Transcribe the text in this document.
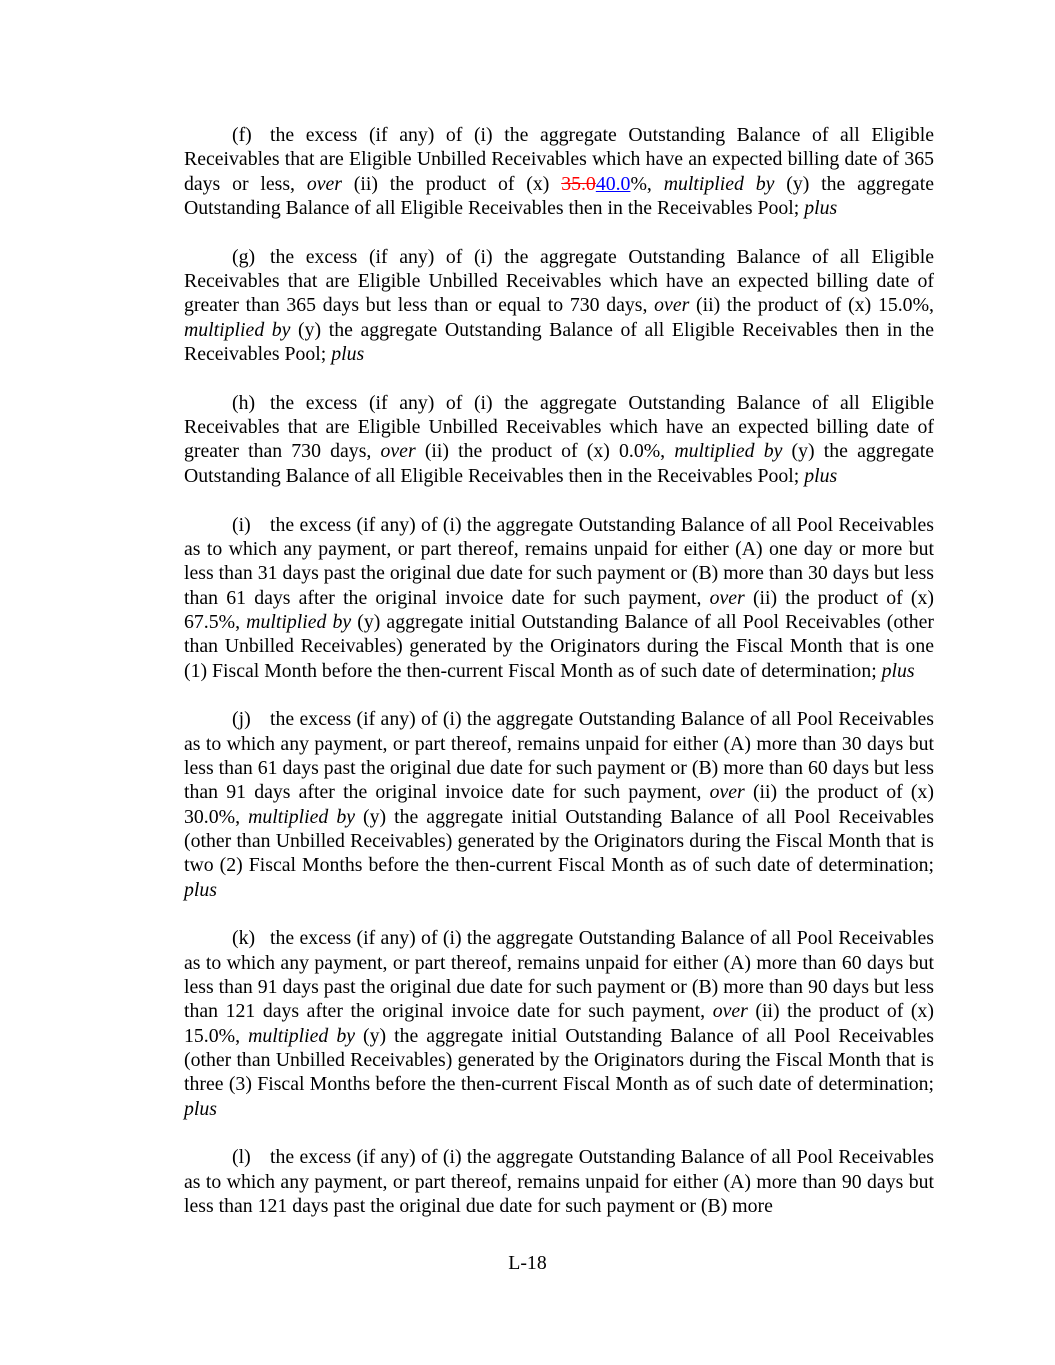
(f) the excess (if any) of (i) the aggregate Outstanding Balance of all Eligible Receivables that are Eligible Unbilled Receivables which have an expected billing date of 365 days or less, over (ii) the product of (x) 35.040.0%, multiplied by (y) the aggregate Outstanding Balance of all Eligible Receivables then in the Receivables Pool; plus

(g) the excess (if any) of (i) the aggregate Outstanding Balance of all Eligible Receivables that are Eligible Unbilled Receivables which have an expected billing date of greater than 365 days but less than or equal to 730 days, over (ii) the product of (x) 15.0%, multiplied by (y) the aggregate Outstanding Balance of all Eligible Receivables then in the Receivables Pool; plus

(h) the excess (if any) of (i) the aggregate Outstanding Balance of all Eligible Receivables that are Eligible Unbilled Receivables which have an expected billing date of greater than 730 days, over (ii) the product of (x) 0.0%, multiplied by (y) the aggregate Outstanding Balance of all Eligible Receivables then in the Receivables Pool; plus

(i) the excess (if any) of (i) the aggregate Outstanding Balance of all Pool Receivables as to which any payment, or part thereof, remains unpaid for either (A) one day or more but less than 31 days past the original due date for such payment or (B) more than 30 days but less than 61 days after the original invoice date for such payment, over (ii) the product of (x) 67.5%, multiplied by (y) aggregate initial Outstanding Balance of all Pool Receivables (other than Unbilled Receivables) generated by the Originators during the Fiscal Month that is one (1) Fiscal Month before the then-current Fiscal Month as of such date of determination; plus

(j) the excess (if any) of (i) the aggregate Outstanding Balance of all Pool Receivables as to which any payment, or part thereof, remains unpaid for either (A) more than 30 days but less than 61 days past the original due date for such payment or (B) more than 60 days but less than 91 days after the original invoice date for such payment, over (ii) the product of (x) 30.0%, multiplied by (y) the aggregate initial Outstanding Balance of all Pool Receivables (other than Unbilled Receivables) generated by the Originators during the Fiscal Month that is two (2) Fiscal Months before the then-current Fiscal Month as of such date of determination; plus

(k) the excess (if any) of (i) the aggregate Outstanding Balance of all Pool Receivables as to which any payment, or part thereof, remains unpaid for either (A) more than 60 days but less than 91 days past the original due date for such payment or (B) more than 90 days but less than 121 days after the original invoice date for such payment, over (ii) the product of (x) 15.0%, multiplied by (y) the aggregate initial Outstanding Balance of all Pool Receivables (other than Unbilled Receivables) generated by the Originators during the Fiscal Month that is three (3) Fiscal Months before the then-current Fiscal Month as of such date of determination; plus

(l) the excess (if any) of (i) the aggregate Outstanding Balance of all Pool Receivables as to which any payment, or part thereof, remains unpaid for either (A) more than 90 days but less than 121 days past the original due date for such payment or (B) more

L-18
